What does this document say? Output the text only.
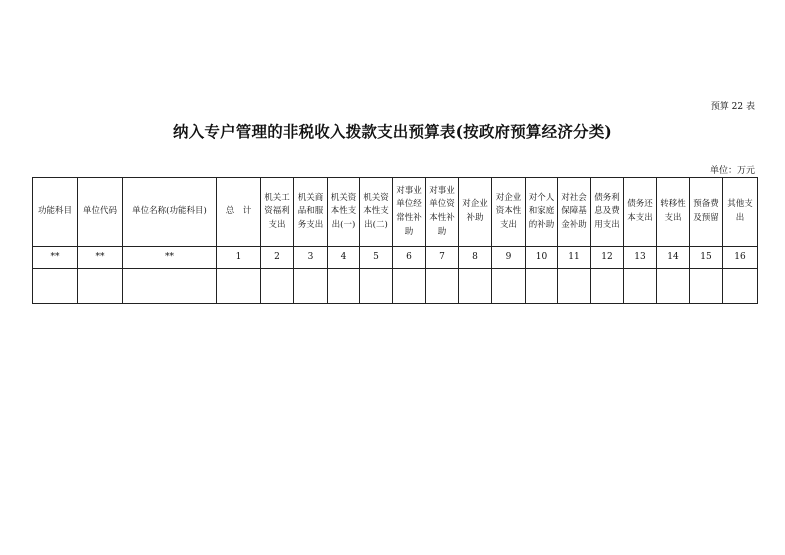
预算 22 表
纳入专户管理的非税收入拨款支出预算表(按政府预算经济分类)
单位：万元
功能科目	单位代码	单位名称(功能科目)	总　计	机关工资福利支出	机关商品和服务支出	机关资本性支出(一)	机关资本性支出(二)	对事业单位经常性补助	对事业单位资本性补助	对企业补助	对企业资本性支出	对个人和家庭的补助	对社会保障基金补助	债务利息及费用支出	债务还本支出	转移性支出	预备费及预留	其他支出
**	**	**	1	2	3	4	5	6	7	8	9	10	11	12	13	14	15	16
